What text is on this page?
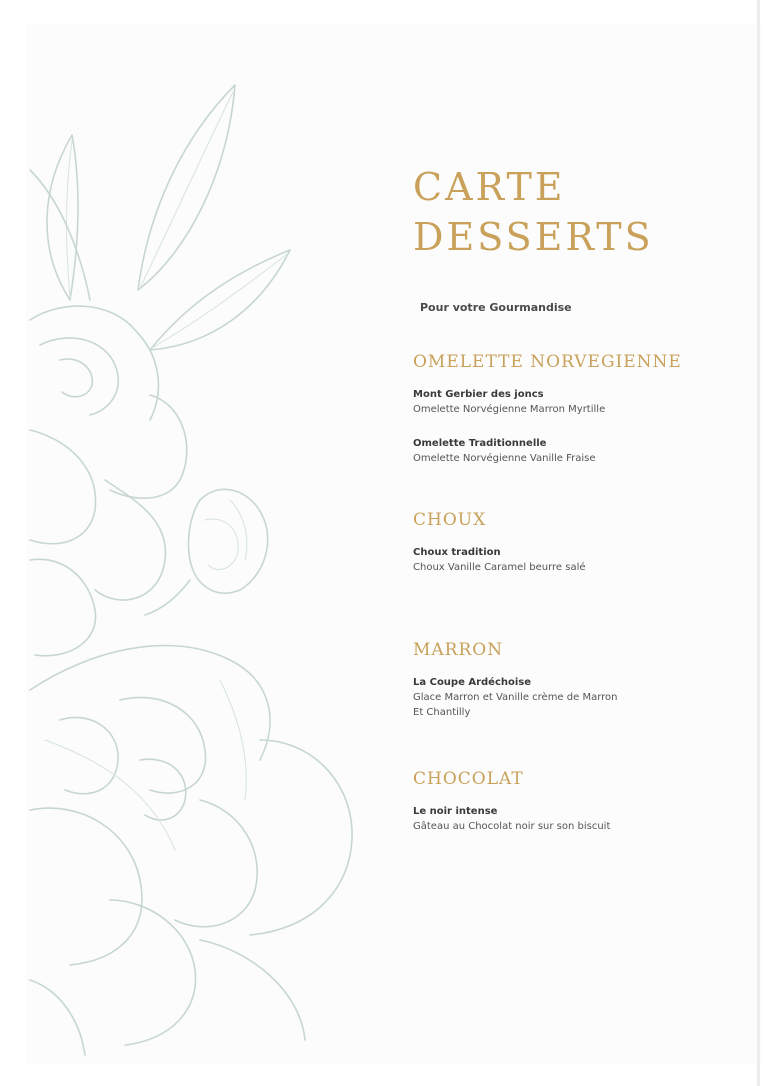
CARTE
DESSERTS
Pour votre Gourmandise
OMELETTE NORVEGIENNE
Mont Gerbier des joncs
Omelette Norvégienne Marron Myrtille
Omelette Traditionnelle
Omelette Norvégienne Vanille Fraise
CHOUX
Choux tradition
Choux Vanille Caramel beurre salé
MARRON
La Coupe Ardéchoise
Glace Marron et Vanille crème de Marron
Et Chantilly
CHOCOLAT
Le noir intense
Gâteau au Chocolat noir sur son biscuit
